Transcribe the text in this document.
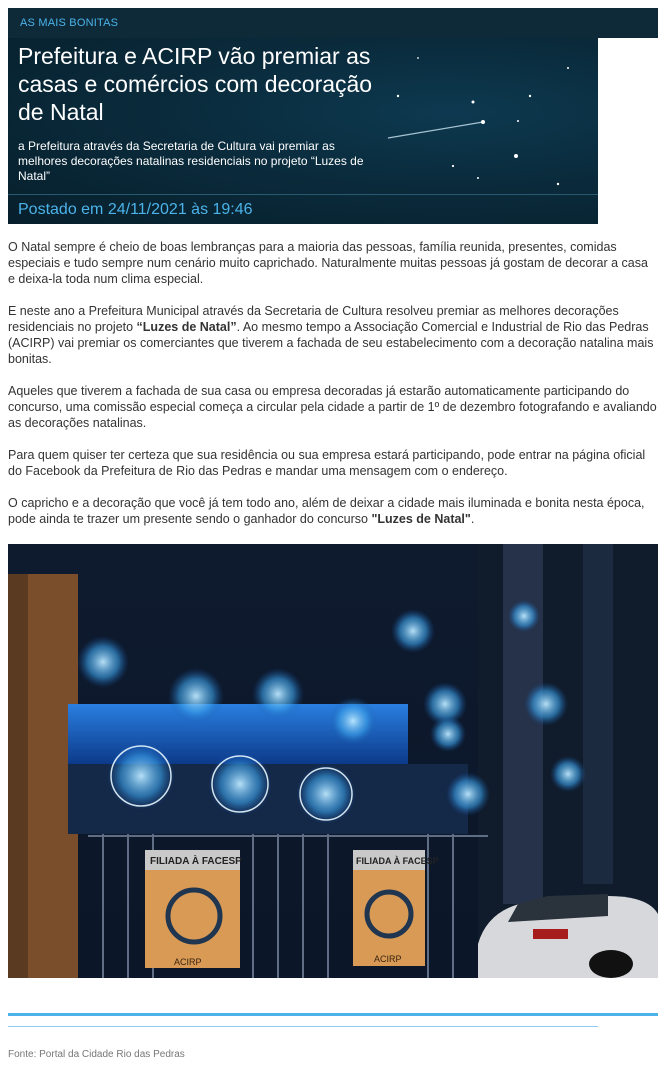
AS MAIS BONITAS
Prefeitura e ACIRP vão premiar as casas e comércios com decoração de Natal

a Prefeitura através da Secretaria de Cultura vai premiar as melhores decorações natalinas residenciais no projeto “Luzes de Natal”

Postado em 24/11/2021 às 19:46

O Natal sempre é cheio de boas lembranças para a maioria das pessoas, família reunida, presentes, comidas especiais e tudo sempre num cenário muito caprichado. Naturalmente muitas pessoas já gostam de decorar a casa e deixa-la toda num clima especial.

E neste ano a Prefeitura Municipal através da Secretaria de Cultura resolveu premiar as melhores decorações residenciais no projeto “Luzes de Natal”. Ao mesmo tempo a Associação Comercial e Industrial de Rio das Pedras (ACIRP) vai premiar os comerciantes que tiverem a fachada de seu estabelecimento com a decoração natalina mais bonitas.

Aqueles que tiverem a fachada de sua casa ou empresa decoradas já estarão automaticamente participando do concurso, uma comissão especial começa a circular pela cidade a partir de 1º de dezembro fotografando e avaliando as decorações natalinas.

Para quem quiser ter certeza que sua residência ou sua empresa estará participando, pode entrar na página oficial do Facebook da Prefeitura de Rio das Pedras e mandar uma mensagem com o endereço.

O capricho e a decoração que você já tem todo ano, além de deixar a cidade mais iluminada e bonita nesta época, pode ainda te trazer um presente sendo o ganhador do concurso "Luzes de Natal".

FILIADA À FACESP
ACIRP
FILIADA À FACESP
ACIRP
Fonte: Portal da Cidade Rio das Pedras
